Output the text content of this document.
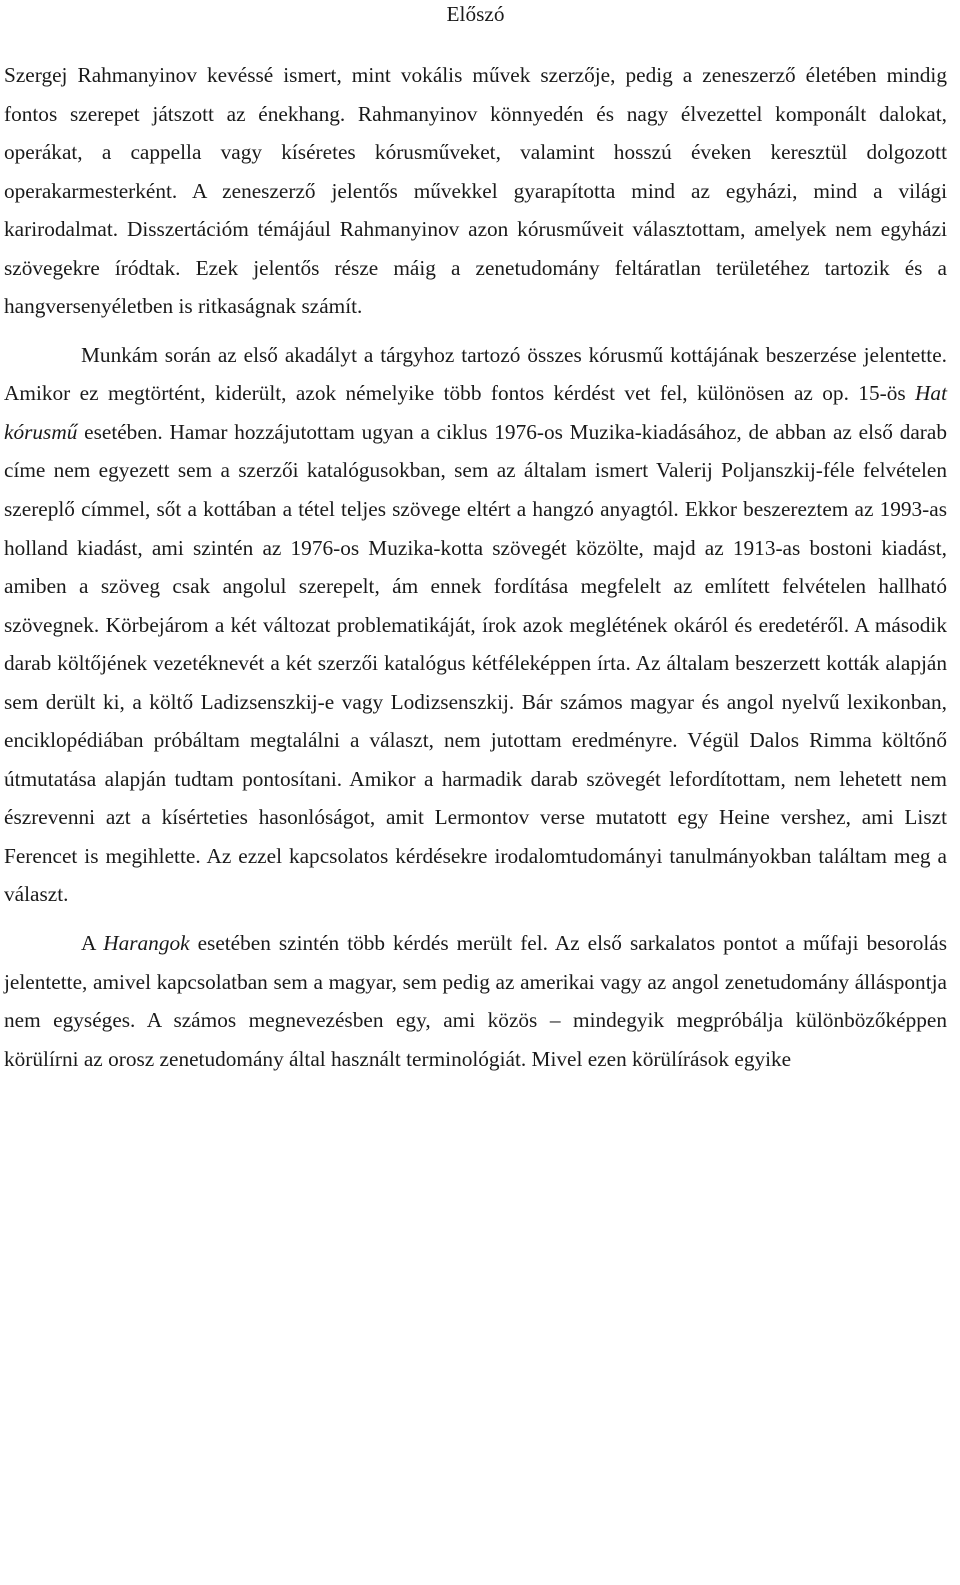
Előszó

Szergej Rahmanyinov kevéssé ismert, mint vokális művek szerzője, pedig a zeneszerző életében mindig fontos szerepet játszott az énekhang. Rahmanyinov könnyedén és nagy élvezettel komponált dalokat, operákat, a cappella vagy kíséretes kórusműveket, valamint hosszú éveken keresztül dolgozott operakarmesterként. A zeneszerző jelentős művekkel gyarapította mind az egyházi, mind a világi karirodalmat. Disszertációm témájául Rahmanyinov azon kórusműveit választottam, amelyek nem egyházi szövegekre íródtak. Ezek jelentős része máig a zenetudomány feltáratlan területéhez tartozik és a hangversenyéletben is ritkaságnak számít.

Munkám során az első akadályt a tárgyhoz tartozó összes kórusmű kottájának beszerzése jelentette. Amikor ez megtörtént, kiderült, azok némelyike több fontos kérdést vet fel, különösen az op. 15-ös Hat kórusmű esetében. Hamar hozzájutottam ugyan a ciklus 1976-os Muzika-kiadásához, de abban az első darab címe nem egyezett sem a szerzői katalógusokban, sem az általam ismert Valerij Poljanszkij-féle felvételen szereplő címmel, sőt a kottában a tétel teljes szövege eltért a hangzó anyagtól. Ekkor beszereztem az 1993-as holland kiadást, ami szintén az 1976-os Muzika-kotta szövegét közölte, majd az 1913-as bostoni kiadást, amiben a szöveg csak angolul szerepelt, ám ennek fordítása megfelelt az említett felvételen hallható szövegnek. Körbejárom a két változat problematikáját, írok azok meglétének okáról és eredetéről. A második darab költőjének vezetéknevét a két szerzői katalógus kétféleképpen írta. Az általam beszerzett kották alapján sem derült ki, a költő Ladizsenszkij-e vagy Lodizsenszkij. Bár számos magyar és angol nyelvű lexikonban, enciklopédiában próbáltam megtalálni a választ, nem jutottam eredményre. Végül Dalos Rimma költőnő útmutatása alapján tudtam pontosítani. Amikor a harmadik darab szövegét lefordítottam, nem lehetett nem észrevenni azt a kísérteties hasonlóságot, amit Lermontov verse mutatott egy Heine vershez, ami Liszt Ferencet is megihlette. Az ezzel kapcsolatos kérdésekre irodalomtudományi tanulmányokban találtam meg a választ.

A Harangok esetében szintén több kérdés merült fel. Az első sarkalatos pontot a műfaji besorolás jelentette, amivel kapcsolatban sem a magyar, sem pedig az amerikai vagy az angol zenetudomány álláspontja nem egységes. A számos megnevezésben egy, ami közös – mindegyik megpróbálja különbözőképpen körülírni az orosz zenetudomány által használt terminológiát. Mivel ezen körülírások egyike
